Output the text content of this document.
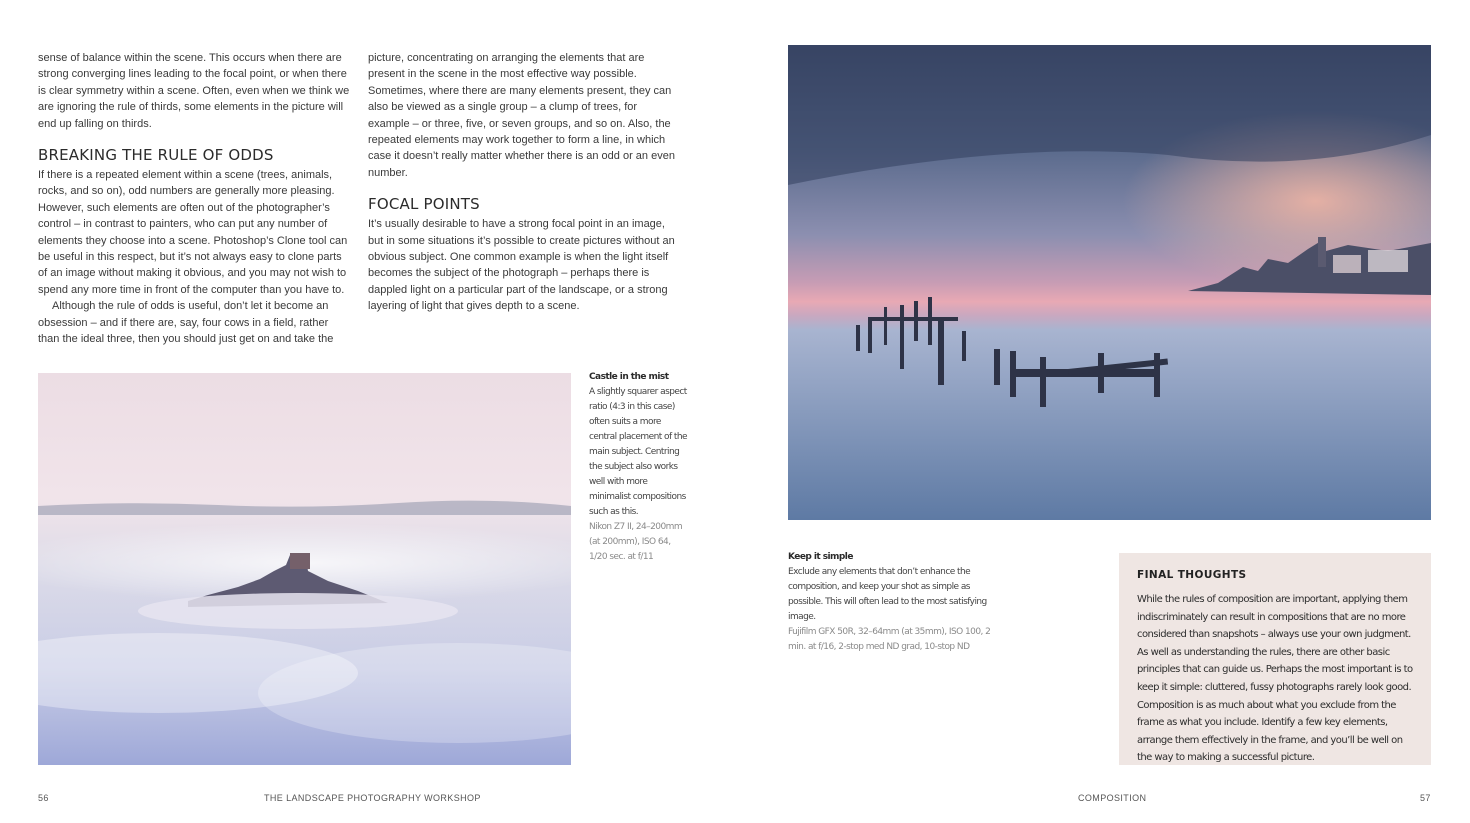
sense of balance within the scene. This occurs when there are strong converging lines leading to the focal point, or when there is clear symmetry within a scene. Often, even when we think we are ignoring the rule of thirds, some elements in the picture will end up falling on thirds.

BREAKING THE RULE OF ODDS

If there is a repeated element within a scene (trees, animals, rocks, and so on), odd numbers are generally more pleasing. However, such elements are often out of the photographer’s control – in contrast to painters, who can put any number of elements they choose into a scene. Photoshop’s Clone tool can be useful in this respect, but it’s not always easy to clone parts of an image without making it obvious, and you may not wish to spend any more time in front of the computer than you have to.

Although the rule of odds is useful, don’t let it become an obsession – and if there are, say, four cows in a field, rather than the ideal three, then you should just get on and take the

picture, concentrating on arranging the elements that are present in the scene in the most effective way possible. Sometimes, where there are many elements present, they can also be viewed as a single group – a clump of trees, for example – or three, five, or seven groups, and so on. Also, the repeated elements may work together to form a line, in which case it doesn’t really matter whether there is an odd or an even number.

FOCAL POINTS

It’s usually desirable to have a strong focal point in an image, but in some situations it’s possible to create pictures without an obvious subject. One common example is when the light itself becomes the subject of the photograph – perhaps there is dappled light on a particular part of the landscape, or a strong layering of light that gives depth to a scene.

Castle in the mist
A slightly squarer aspect ratio (4:3 in this case) often suits a more central placement of the main subject. Centring the subject also works well with more minimalist compositions such as this.
Nikon Z7 II, 24–200mm (at 200mm), ISO 64, 1/20 sec. at f/11
56	THE LANDSCAPE PHOTOGRAPHY WORKSHOP
Keep it simple
Exclude any elements that don’t enhance the composition, and keep your shot as simple as possible. This will often lead to the most satisfying image.
Fujifilm GFX 50R, 32–64mm (at 35mm), ISO 100, 2 min. at f/16, 2-stop med ND grad, 10-stop ND
FINAL THOUGHTS

While the rules of composition are important, applying them indiscriminately can result in compositions that are no more considered than snapshots – always use your own judgment.

As well as understanding the rules, there are other basic principles that can guide us. Perhaps the most important is to keep it simple: cluttered, fussy photographs rarely look good. Composition is as much about what you exclude from the frame as what you include. Identify a few key elements, arrange them effectively in the frame, and you’ll be well on the way to making a successful picture.

COMPOSITION	57
